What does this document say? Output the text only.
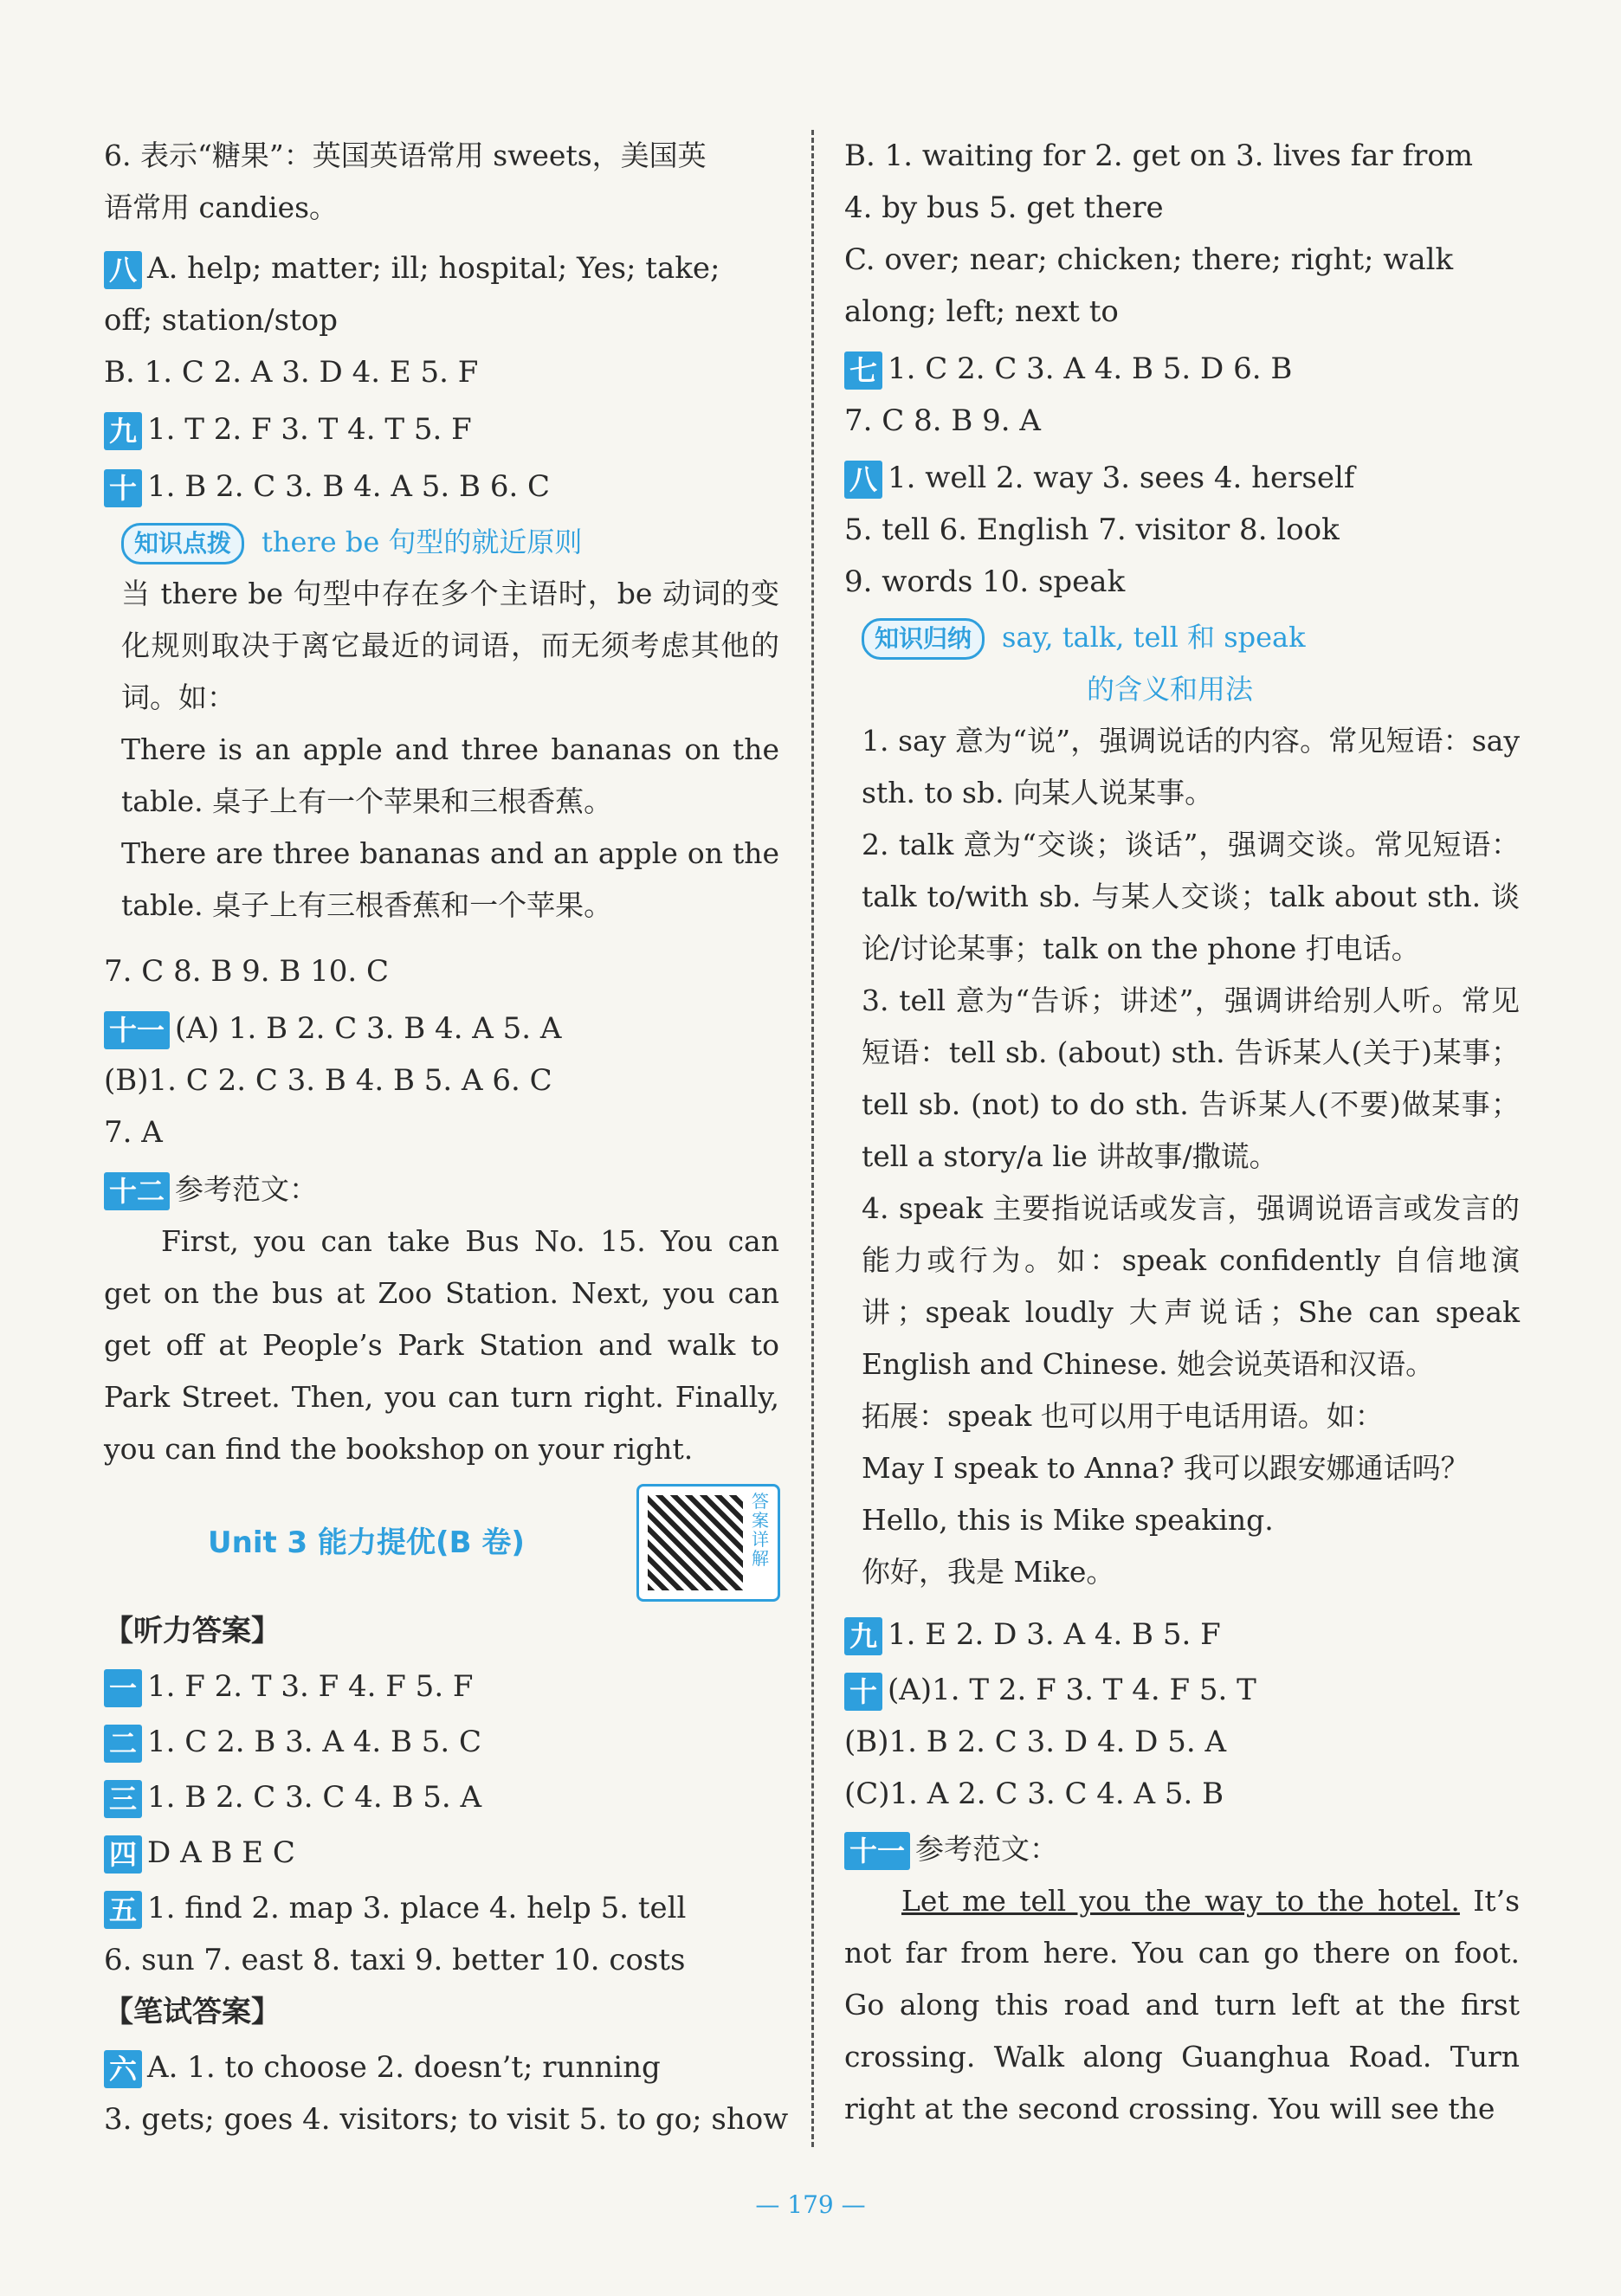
6. 表示“糖果”：英国英语常用 sweets，美国英
语常用 candies。
八 A. help; matter; ill; hospital; Yes; take;
off; station/stop
B. 1. C 2. A 3. D 4. E 5. F
九 1. T 2. F 3. T 4. T 5. F
十 1. B 2. C 3. B 4. A 5. B 6. C
知识点拨 there be 句型的就近原则
当 there be 句型中存在多个主语时，be 动词的变化规则取决于离它最近的词语，而无须考虑其他的词。如：
There is an apple and three bananas on the table. 桌子上有一个苹果和三根香蕉。
There are three bananas and an apple on the table. 桌子上有三根香蕉和一个苹果。
7. C 8. B 9. B 10. C
十一 (A) 1. B 2. C 3. B 4. A 5. A
(B)1. C 2. C 3. B 4. B 5. A 6. C
7. A
十二 参考范文：
First, you can take Bus No. 15. You can get on the bus at Zoo Station. Next, you can get off at People’s Park Station and walk to Park Street. Then, you can turn right. Finally, you can find the bookshop on your right.
Unit 3 能力提优(B 卷)
答案详解
【听力答案】
一 1. F 2. T 3. F 4. F 5. F
二 1. C 2. B 3. A 4. B 5. C
三 1. B 2. C 3. C 4. B 5. A
四 D A B E C
五 1. find 2. map 3. place 4. help 5. tell
6. sun 7. east 8. taxi 9. better 10. costs
【笔试答案】
六 A. 1. to choose 2. doesn’t; running
3. gets; goes 4. visitors; to visit 5. to go; show
B. 1. waiting for 2. get on 3. lives far from
4. by bus 5. get there
C. over; near; chicken; there; right; walk
along; left; next to
七 1. C 2. C 3. A 4. B 5. D 6. B
7. C 8. B 9. A
八 1. well 2. way 3. sees 4. herself
5. tell 6. English 7. visitor 8. look
9. words 10. speak
知识归纳 say, talk, tell 和 speak
的含义和用法
1. say 意为“说”，强调说话的内容。常见短语：say sth. to sb. 向某人说某事。
2. talk 意为“交谈；谈话”，强调交谈。常见短语：talk to/with sb. 与某人交谈；talk about sth. 谈论/讨论某事；talk on the phone 打电话。
3. tell 意为“告诉；讲述”，强调讲给别人听。常见短语：tell sb. (about) sth. 告诉某人(关于)某事；tell sb. (not) to do sth. 告诉某人(不要)做某事；tell a story/a lie 讲故事/撒谎。
4. speak 主要指说话或发言，强调说语言或发言的能力或行为。如：speak confidently 自信地演讲；speak loudly 大声说话；She can speak English and Chinese. 她会说英语和汉语。
拓展：speak 也可以用于电话用语。如：
May I speak to Anna? 我可以跟安娜通话吗？
Hello, this is Mike speaking.
你好，我是 Mike。
九 1. E 2. D 3. A 4. B 5. F
十 (A)1. T 2. F 3. T 4. F 5. T
(B)1. B 2. C 3. D 4. D 5. A
(C)1. A 2. C 3. C 4. A 5. B
十一 参考范文：
Let me tell you the way to the hotel. It’s not far from here. You can go there on foot. Go along this road and turn left at the first crossing. Walk along Guanghua Road. Turn right at the second crossing. You will see the
— 179 —
